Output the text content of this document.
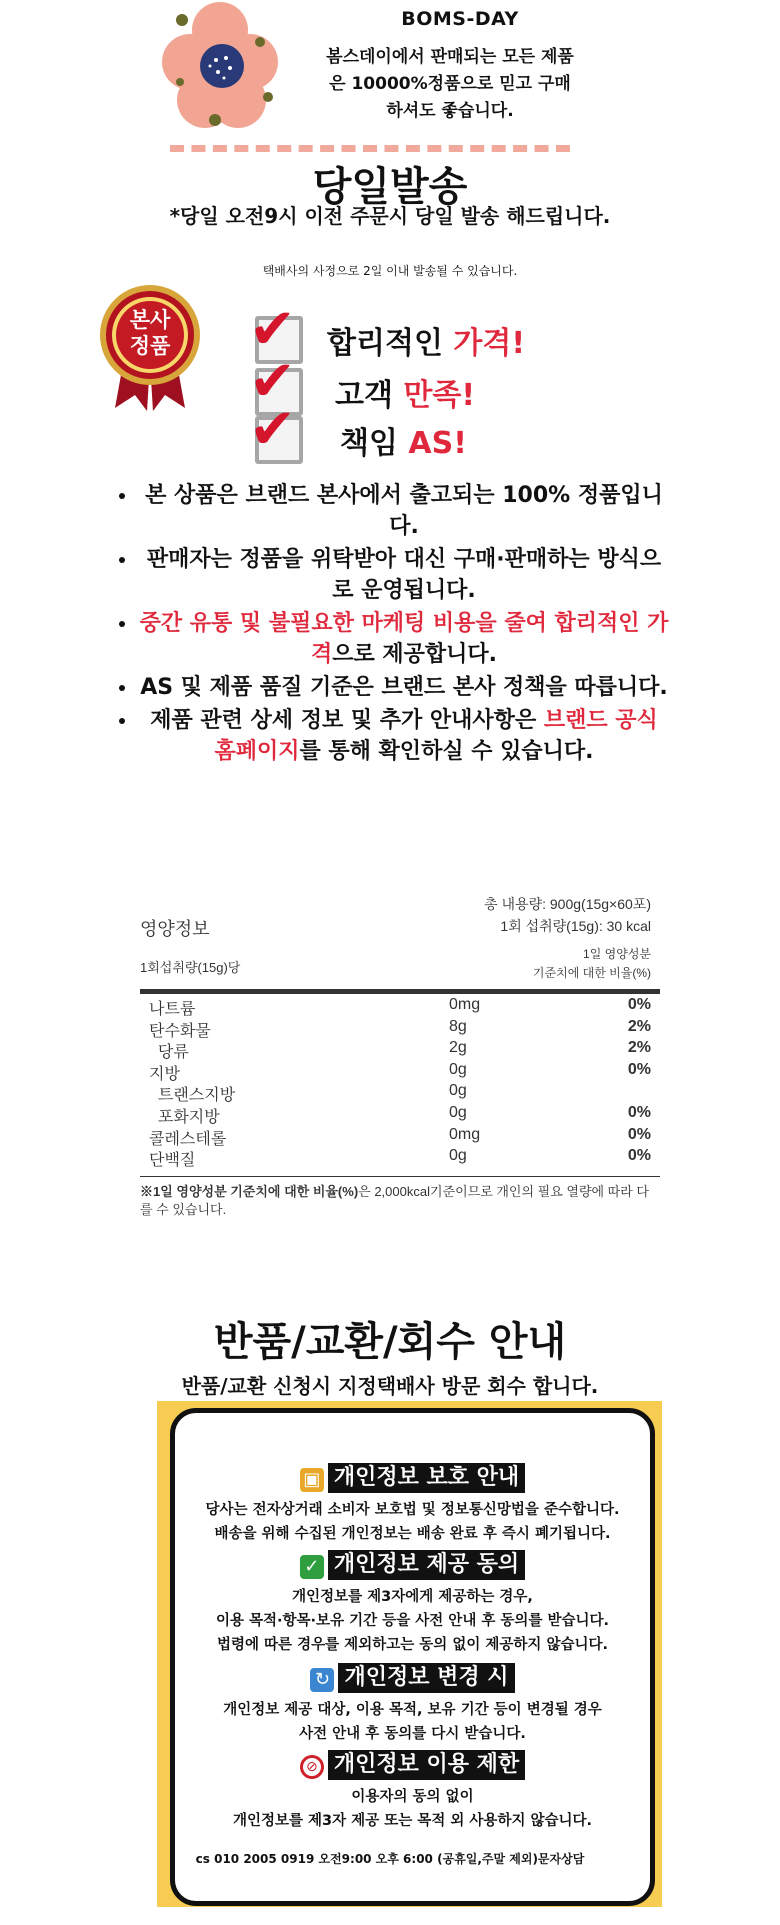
BOMS-DAY
봄스데이에서 판매되는 모든 제품
은 10000%정품으로 믿고 구매
하셔도 좋습니다.
당일발송
*당일 오전9시 이전 주문시 당일 발송 해드립니다.
택배사의 사정으로 2일 이내 발송될 수 있습니다.
본사
정품	✔ 합리적인 가격!
✔ 고객 만족!
✔ 책임 AS!
• 본 상품은 브랜드 본사에서 출고되는 100% 정품입니다.
• 판매자는 정품을 위탁받아 대신 구매·판매하는 방식으로 운영됩니다.
• 중간 유통 및 불필요한 마케팅 비용을 줄여 합리적인 가격으로 제공합니다.
• AS 및 제품 품질 기준은 브랜드 본사 정책을 따릅니다.
• 제품 관련 상세 정보 및 추가 안내사항은 브랜드 공식 홈페이지를 통해 확인하실 수 있습니다.
영양정보
총 내용량: 900g(15g×60포)
1회 섭취량(15g): 30 kcal
1회섭취량(15g)당
1일 영양성분
기준치에 대한 비율(%)
나트륨	0mg	0%
탄수화물	8g	2%
당류	2g	2%
지방	0g	0%
트랜스지방	0g
포화지방	0g	0%
콜레스테롤	0mg	0%
단백질	0g	0%
※1일 영양성분 기준치에 대한 비율(%)은 2,000kcal기준이므로 개인의 필요 열량에 따라 다를 수 있습니다.
반품/교환/회수 안내
반품/교환 신청시 지정택배사 방문 회수 합니다.
▣ 개인정보 보호 안내
당사는 전자상거래 소비자 보호법 및 정보통신망법을 준수합니다.
배송을 위해 수집된 개인정보는 배송 완료 후 즉시 폐기됩니다.
✓ 개인정보 제공 동의
개인정보를 제3자에게 제공하는 경우,
이용 목적·항목·보유 기간 등을 사전 안내 후 동의를 받습니다.
법령에 따른 경우를 제외하고는 동의 없이 제공하지 않습니다.
↻ 개인정보 변경 시
개인정보 제공 대상, 이용 목적, 보유 기간 등이 변경될 경우
사전 안내 후 동의를 다시 받습니다.
⊘ 개인정보 이용 제한
이용자의 동의 없이
개인정보를 제3자 제공 또는 목적 외 사용하지 않습니다.
cs 010 2005 0919 오전9:00 오후 6:00 (공휴일,주말 제외)문자상담
